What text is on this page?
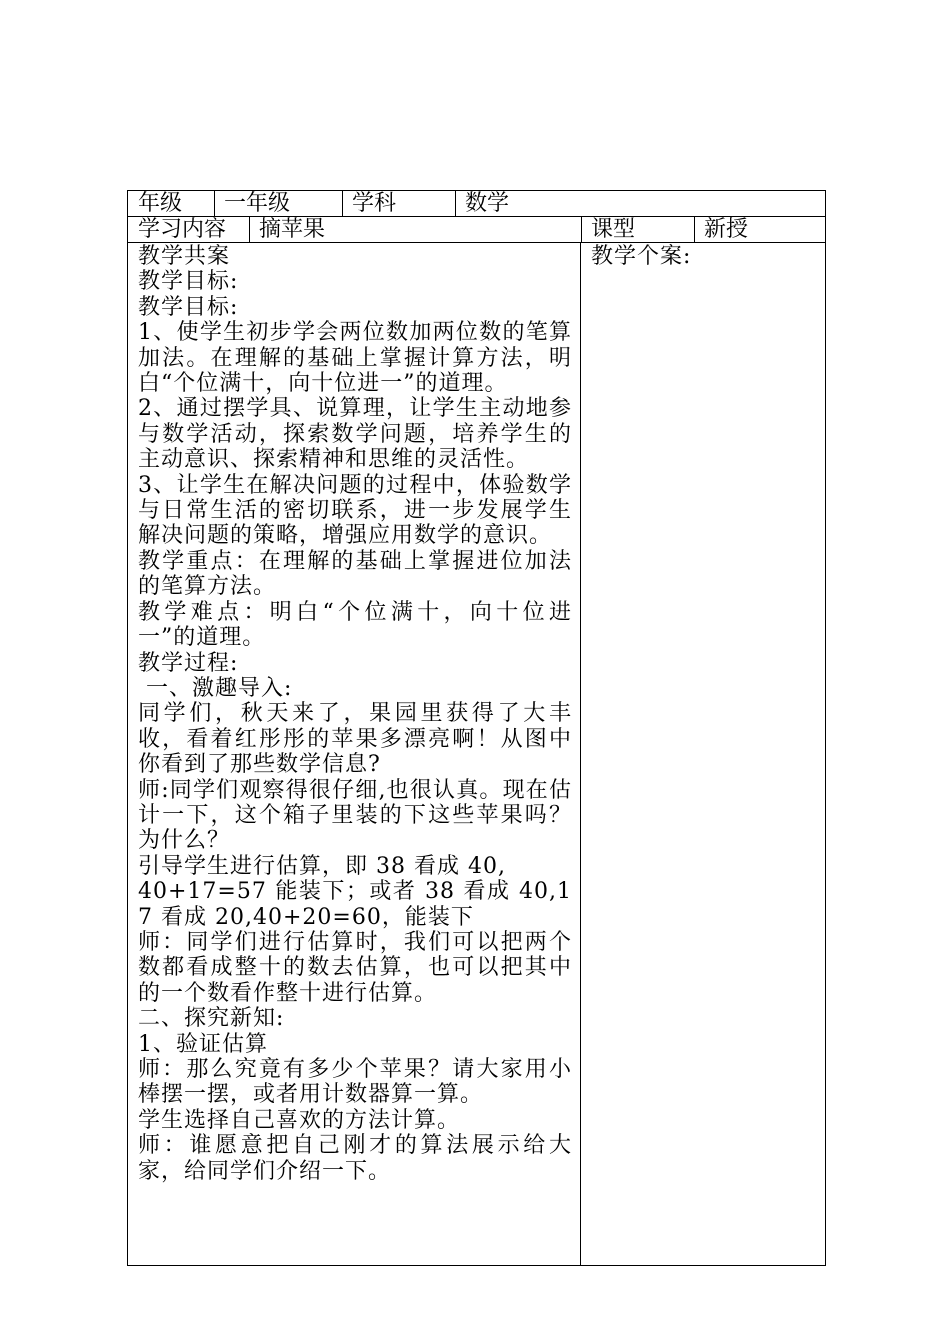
年级	一年级	学科	数学
学习内容	摘苹果	课型	新授

教学共案

教学目标:

教学目标:

1、使学生初步学会两位数加两位数的笔算加法。在理解的基础上掌握计算方法，明白“个位满十，向十位进一”的道理。

2、通过摆学具、说算理，让学生主动地参与数学活动，探索数学问题，培养学生的主动意识、探索精神和思维的灵活性。

3、让学生在解决问题的过程中，体验数学与日常生活的密切联系，进一步发展学生解决问题的策略，增强应用数学的意识。

教学重点：在理解的基础上掌握进位加法的笔算方法。

教学难点：明白“个位满十，向十位进一”的道理。

教学过程:

一、激趣导入:

同学们，秋天来了，果园里获得了大丰收，看着红彤彤的苹果多漂亮啊！从图中你看到了那些数学信息?

师:同学们观察得很仔细,也很认真。现在估计一下，这个箱子里装的下这些苹果吗？为什么？

引导学生进行估算，即 38 看成 40,

40+17=57 能装下；或者 38 看成 40,17 看成 20,40+20=60，能装下

师：同学们进行估算时，我们可以把两个数都看成整十的数去估算，也可以把其中的一个数看作整十进行估算。

二、探究新知:

1、验证估算

师：那么究竟有多少个苹果？请大家用小棒摆一摆，或者用计数器算一算。

学生选择自己喜欢的方法计算。

师：谁愿意把自己刚才的算法展示给大家，给同学们介绍一下。

教学个案:
